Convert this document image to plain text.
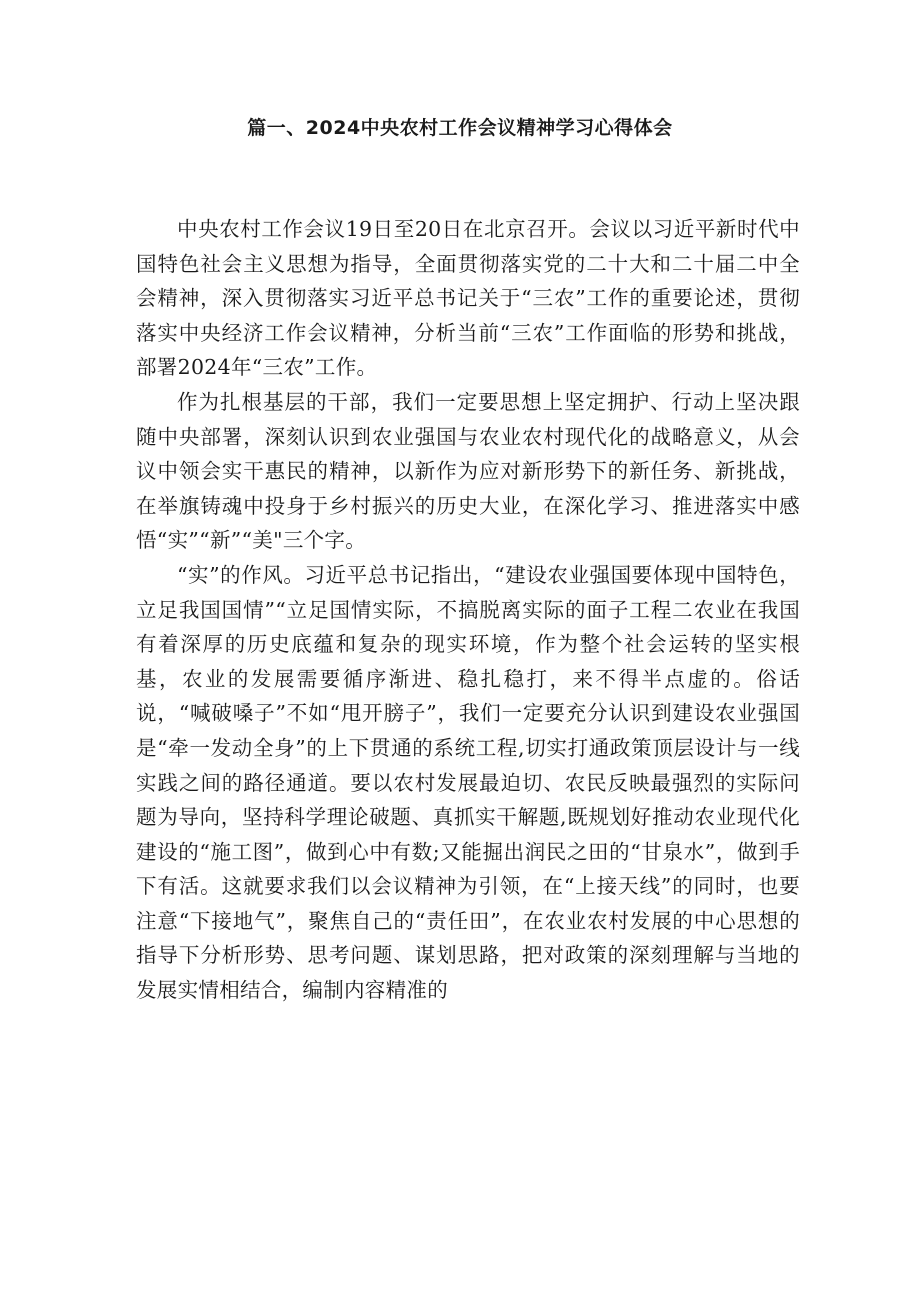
篇一、2024中央农村工作会议精神学习心得体会

中央农村工作会议19日至20日在北京召开。会议以习近平新时代中国特色社会主义思想为指导，全面贯彻落实党的二十大和二十届二中全会精神，深入贯彻落实习近平总书记关于“三农”工作的重要论述，贯彻落实中央经济工作会议精神，分析当前“三农”工作面临的形势和挑战，部署2024年“三农”工作。

作为扎根基层的干部，我们一定要思想上坚定拥护、行动上坚决跟随中央部署，深刻认识到农业强国与农业农村现代化的战略意义，从会议中领会实干惠民的精神，以新作为应对新形势下的新任务、新挑战，在举旗铸魂中投身于乡村振兴的历史大业，在深化学习、推进落实中感悟“实”“新”“美"三个字。

“实”的作风。习近平总书记指出，“建设农业强国要体现中国特色，立足我国国情”“立足国情实际，不搞脱离实际的面子工程二农业在我国有着深厚的历史底蕴和复杂的现实环境，作为整个社会运转的坚实根基，农业的发展需要循序渐进、稳扎稳打，来不得半点虚的。俗话说，“喊破嗓子”不如“甩开膀子”，我们一定要充分认识到建设农业强国是“牵一发动全身”的上下贯通的系统工程,切实打通政策顶层设计与一线实践之间的路径通道。要以农村发展最迫切、农民反映最强烈的实际问题为导向，坚持科学理论破题、真抓实干解题,既规划好推动农业现代化建设的“施工图”，做到心中有数;又能掘出润民之田的“甘泉水”，做到手下有活。这就要求我们以会议精神为引领，在“上接天线”的同时，也要注意“下接地气”，聚焦自己的“责任田”，在农业农村发展的中心思想的指导下分析形势、思考问题、谋划思路，把对政策的深刻理解与当地的发展实情相结合，编制内容精准的
